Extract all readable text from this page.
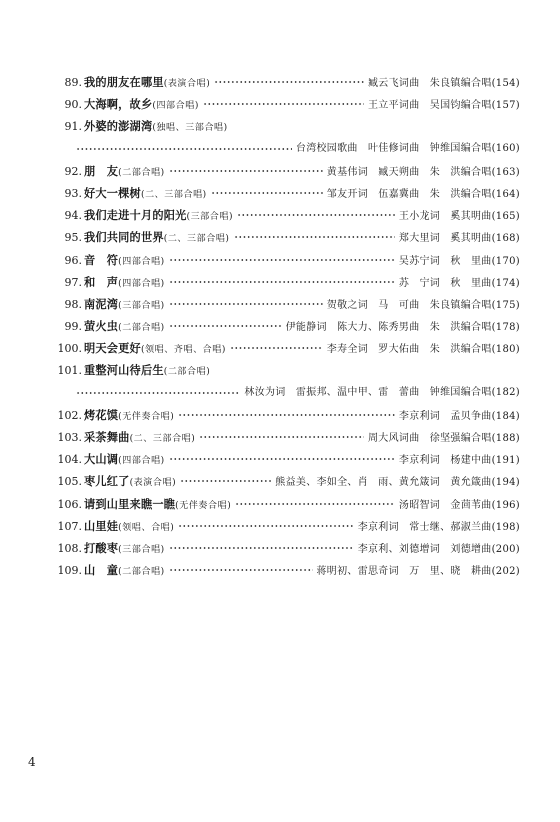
89. 我的朋友在哪里(表演合唱)	臧云飞词曲　朱良镇编合唱(154)
90. 大海啊，故乡(四部合唱)	王立平词曲　吴国钧编合唱(157)
91. 外婆的澎湖湾(独唱、三部合唱)
台湾校园歌曲　叶佳修词曲　钟维国编合唱(160)
92. 朋　友(二部合唱)	黄基伟词　臧天朔曲　朱　洪编合唱(163)
93. 好大一棵树(二、三部合唱)	邹友开词　伍嘉冀曲　朱　洪编合唱(164)
94. 我们走进十月的阳光(三部合唱)	王小龙词　奚其明曲(165)
95. 我们共同的世界(二、三部合唱)	郑大里词　奚其明曲(168)
96. 音　符(四部合唱)	吴苏宁词　秋　里曲(170)
97. 和　声(四部合唱)	苏　宁词　秋　里曲(174)
98. 南泥湾(三部合唱)	贺敬之词　马　可曲　朱良镇编合唱(175)
99. 萤火虫(二部合唱)	伊能静词　陈大力、陈秀男曲　朱　洪编合唱(178)
100. 明天会更好(领唱、齐唱、合唱)	李寿全词　罗大佑曲　朱　洪编合唱(180)
101. 重整河山待后生(二部合唱)
林汝为词　雷振邦、温中甲、雷　蕾曲　钟维国编合唱(182)
102. 烤花馍(无伴奏合唱)	李京利词　孟贝争曲(184)
103. 采茶舞曲(二、三部合唱)	周大风词曲　徐坚强编合唱(188)
104. 大山调(四部合唱)	李京利词　杨建中曲(191)
105. 枣儿红了(表演合唱)	熊益美、李如全、肖　雨、黄允箴词　黄允箴曲(194)
106. 请到山里来瞧一瞧(无伴奏合唱)	汤昭智词　金茴苇曲(196)
107. 山里娃(领唱、合唱)	李京利词　常士继、郝淑兰曲(198)
108. 打酸枣(三部合唱)	李京利、刘德增词　刘德增曲(200)
109. 山　童(二部合唱)	蒋明初、雷思奇词　万　里、晓　耕曲(202)
4
